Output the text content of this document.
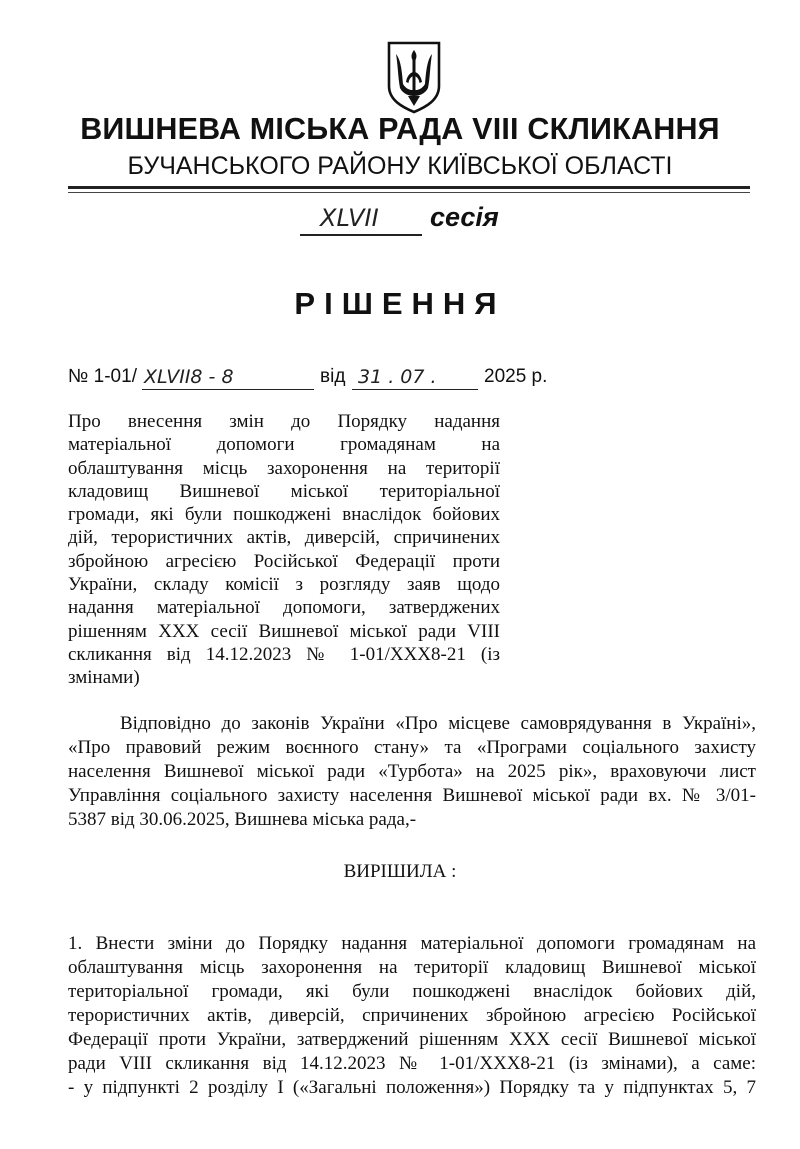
ВИШНЕВА МІСЬКА РАДА VIII СКЛИКАННЯ
БУЧАНСЬКОГО РАЙОНУ КИЇВСЬКОЇ ОБЛАСТІ
XLVII сесія
РІШЕННЯ
№ 1-01/ XLVII8 - 8	від 31 . 07 . 2025 р.
Про внесення змін до Порядку надання
матеріальної допомоги громадянам на
облаштування місць захоронення на території
кладовищ Вишневої міської територіальної
громади, які були пошкоджені внаслідок бойових
дій, терористичних актів, диверсій, спричинених
збройною агресією Російської Федерації проти
України, складу комісії з розгляду заяв щодо
надання матеріальної допомоги, затверджених
рішенням XXX сесії Вишневої міської ради VIII
скликання від 14.12.2023 № 1-01/XXX8-21 (із
змінами)
Відповідно до законів України «Про місцеве самоврядування в Україні»,
«Про правовий режим воєнного стану» та «Програми соціального захисту
населення Вишневої міської ради «Турбота» на 2025 рік», враховуючи лист
Управління соціального захисту населення Вишневої міської ради вх. № 3/01-
5387 від 30.06.2025, Вишнева міська рада,-
ВИРІШИЛА :
1. Внести зміни до Порядку надання матеріальної допомоги громадянам на
облаштування місць захоронення на території кладовищ Вишневої міської
територіальної громади, які були пошкоджені внаслідок бойових дій,
терористичних актів, диверсій, спричинених збройною агресією Російської
Федерації проти України, затверджений рішенням XXX сесії Вишневої міської
ради VIII скликання від 14.12.2023 № 1-01/XXX8-21 (із змінами), а саме:
- у підпункті 2 розділу I («Загальні положення») Порядку та у підпунктах 5, 7
